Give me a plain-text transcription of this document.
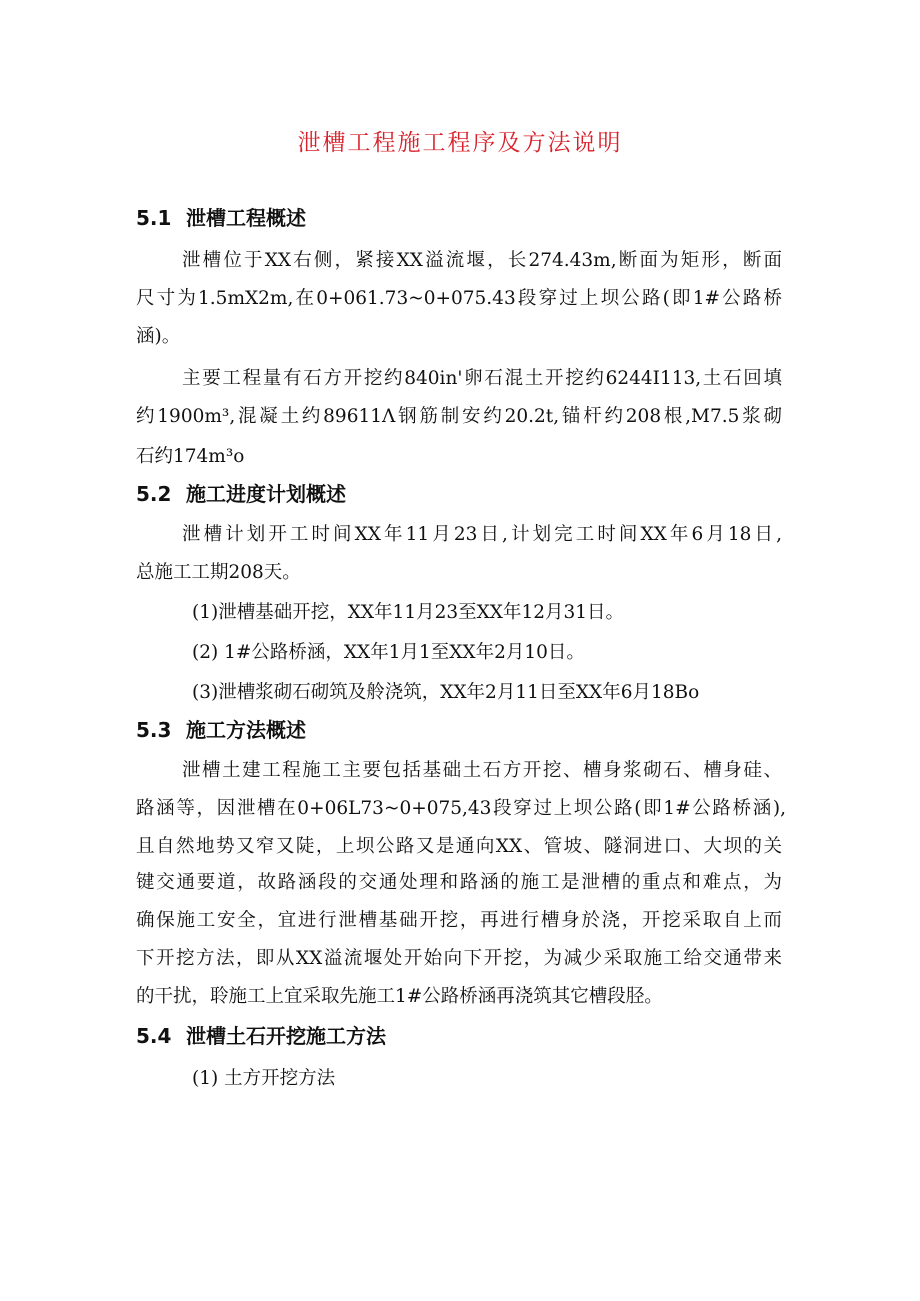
泄槽工程施工程序及方法说明
5.1 泄槽工程概述
泄槽位于XX右侧，紧接XX溢流堰，长274.43m,断面为矩形，断面
尺寸为1.5mX2m,在0+061.73~0+075.43段穿过上坝公路(即1#公路桥
涵)。
主要工程量有石方开挖约840in'卵石混土开挖约6244I113,土石回填
约1900m³,混凝土约89611Λ钢筋制安约20.2t,锚杆约208根,M7.5浆砌
石约174m³o
5.2 施工进度计划概述
泄槽计划开工时间XX年11月23日,计划完工时间XX年6月18日,
总施工工期208天。
(1)泄槽基础开挖，XX年11月23至XX年12月31日。
(2) 1#公路桥涵，XX年1月1至XX年2月10日。
(3)泄槽浆砌石砌筑及舲浇筑，XX年2月11日至XX年6月18Bo
5.3 施工方法概述
泄槽土建工程施工主要包括基础土石方开挖、槽身浆砌石、槽身硅、
路涵等，因泄槽在0+06L73~0+075,43段穿过上坝公路(即1#公路桥涵),
且自然地势又窄又陡，上坝公路又是通向XX、管坡、隧洞进口、大坝的关
键交通要道，故路涵段的交通处理和路涵的施工是泄槽的重点和难点，为
确保施工安全，宜进行泄槽基础开挖，再进行槽身於浇，开挖采取自上而
下开挖方法，即从XX溢流堰处开始向下开挖，为减少采取施工给交通带来
的干扰，聆施工上宜采取先施工1#公路桥涵再浇筑其它槽段胫。
5.4 泄槽土石开挖施工方法
(1) 土方开挖方法
